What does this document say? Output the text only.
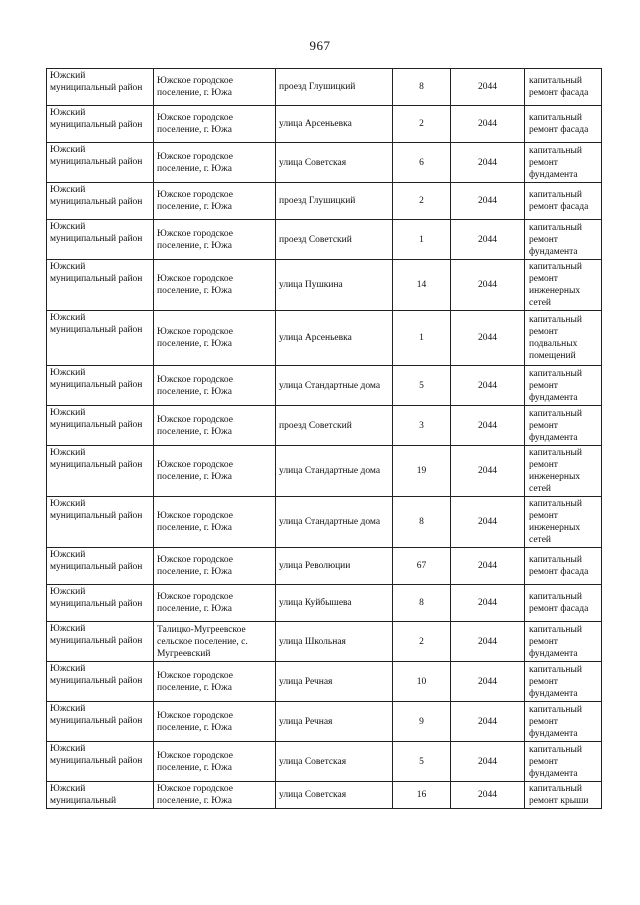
967
Южский муниципальный район	Южское городское поселение, г. Южа	проезд Глушицкий	8	2044	капитальный ремонт фасада
Южский муниципальный район	Южское городское поселение, г. Южа	улица Арсеньевка	2	2044	капитальный ремонт фасада
Южский муниципальный район	Южское городское поселение, г. Южа	улица Советская	6	2044	капитальный ремонт фундамента
Южский муниципальный район	Южское городское поселение, г. Южа	проезд Глушицкий	2	2044	капитальный ремонт фасада
Южский муниципальный район	Южское городское поселение, г. Южа	проезд Советский	1	2044	капитальный ремонт фундамента
Южский муниципальный район	Южское городское поселение, г. Южа	улица Пушкина	14	2044	капитальный ремонт инженерных сетей
Южский муниципальный район	Южское городское поселение, г. Южа	улица Арсеньевка	1	2044	капитальный ремонт подвальных помещений
Южский муниципальный район	Южское городское поселение, г. Южа	улица Стандартные дома	5	2044	капитальный ремонт фундамента
Южский муниципальный район	Южское городское поселение, г. Южа	проезд Советский	3	2044	капитальный ремонт фундамента
Южский муниципальный район	Южское городское поселение, г. Южа	улица Стандартные дома	19	2044	капитальный ремонт инженерных сетей
Южский муниципальный район	Южское городское поселение, г. Южа	улица Стандартные дома	8	2044	капитальный ремонт инженерных сетей
Южский муниципальный район	Южское городское поселение, г. Южа	улица Революции	67	2044	капитальный ремонт фасада
Южский муниципальный район	Южское городское поселение, г. Южа	улица Куйбышева	8	2044	капитальный ремонт фасада
Южский муниципальный район	Талицко-Мугреевское сельское поселение, с. Мугреевский	улица Школьная	2	2044	капитальный ремонт фундамента
Южский муниципальный район	Южское городское поселение, г. Южа	улица Речная	10	2044	капитальный ремонт фундамента
Южский муниципальный район	Южское городское поселение, г. Южа	улица Речная	9	2044	капитальный ремонт фундамента
Южский муниципальный район	Южское городское поселение, г. Южа	улица Советская	5	2044	капитальный ремонт фундамента
Южский муниципальный	Южское городское поселение, г. Южа	улица Советская	16	2044	капитальный ремонт крыши
